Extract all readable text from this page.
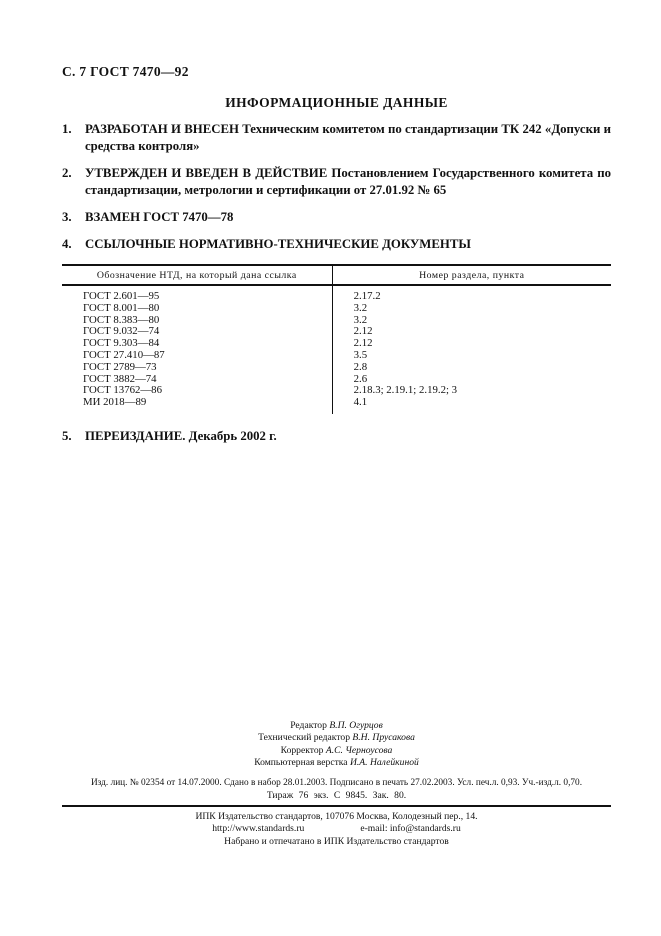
С. 7 ГОСТ 7470—92
ИНФОРМАЦИОННЫЕ ДАННЫЕ
1.	РАЗРАБОТАН И ВНЕСЕН Техническим комитетом по стандартизации ТК 242 «Допуски и средства контроля»
2.	УТВЕРЖДЕН И ВВЕДЕН В ДЕЙСТВИЕ Постановлением Государственного комитета по стандартизации, метрологии и сертификации от 27.01.92 № 65
3.	ВЗАМЕН ГОСТ 7470—78
4.	ССЫЛОЧНЫЕ НОРМАТИВНО-ТЕХНИЧЕСКИЕ ДОКУМЕНТЫ
Обозначение НТД, на который дана ссылка	Номер раздела, пункта
ГОСТ 2.601—95	2.17.2
ГОСТ 8.001—80	3.2
ГОСТ 8.383—80	3.2
ГОСТ 9.032—74	2.12
ГОСТ 9.303—84	2.12
ГОСТ 27.410—87	3.5
ГОСТ 2789—73	2.8
ГОСТ 3882—74	2.6
ГОСТ 13762—86	2.18.3; 2.19.1; 2.19.2; 3
МИ 2018—89	4.1
5.	ПЕРЕИЗДАНИЕ. Декабрь 2002 г.
Редактор В.П. Огурцов
Технический редактор В.Н. Прусакова
Корректор А.С. Черноусова
Компьютерная верстка И.А. Налейкиной
Изд. лиц. № 02354 от 14.07.2000. Сдано в набор 28.01.2003. Подписано в печать 27.02.2003. Усл. печ.л. 0,93. Уч.-изд.л. 0,70.
Тираж 76 экз. С 9845. Зак. 80.
ИПК Издательство стандартов, 107076 Москва, Колодезный пер., 14.
http://www.standards.ru	e-mail: info@standards.ru
Набрано и отпечатано в ИПК Издательство стандартов
